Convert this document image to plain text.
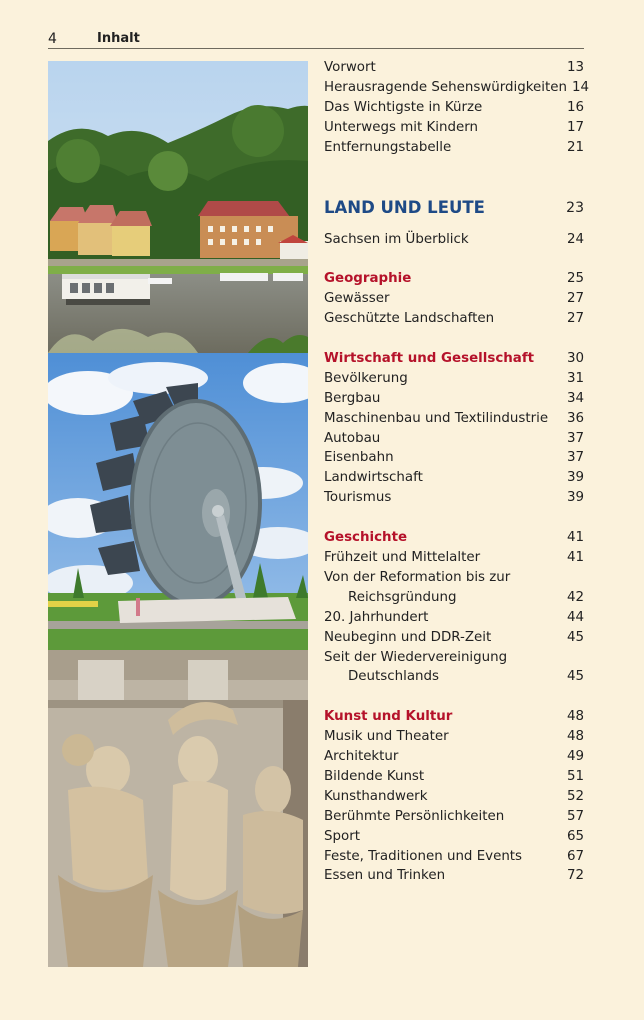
4	Inhalt
Vorwort	13
Herausragende Sehenswürdigkeiten 14
Das Wichtigste in Kürze	16
Unterwegs mit Kindern	17
Entfernungstabelle	21
LAND UND LEUTE	23
Sachsen im Überblick	24
Geographie	25
Gewässer	27
Geschützte Landschaften	27
Wirtschaft und Gesellschaft	30
Bevölkerung	31
Bergbau	34
Maschinenbau und Textilindustrie	36
Autobau	37
Eisenbahn	37
Landwirtschaft	39
Tourismus	39
Geschichte	41
Frühzeit und Mittelalter	41
Von der Reformation bis zur
Reichsgründung	42
20. Jahrhundert	44
Neubeginn und DDR-Zeit	45
Seit der Wiedervereinigung
Deutschlands	45
Kunst und Kultur	48
Musik und Theater	48
Architektur	49
Bildende Kunst	51
Kunsthandwerk	52
Berühmte Persönlichkeiten	57
Sport	65
Feste, Traditionen und Events	67
Essen und Trinken	72
